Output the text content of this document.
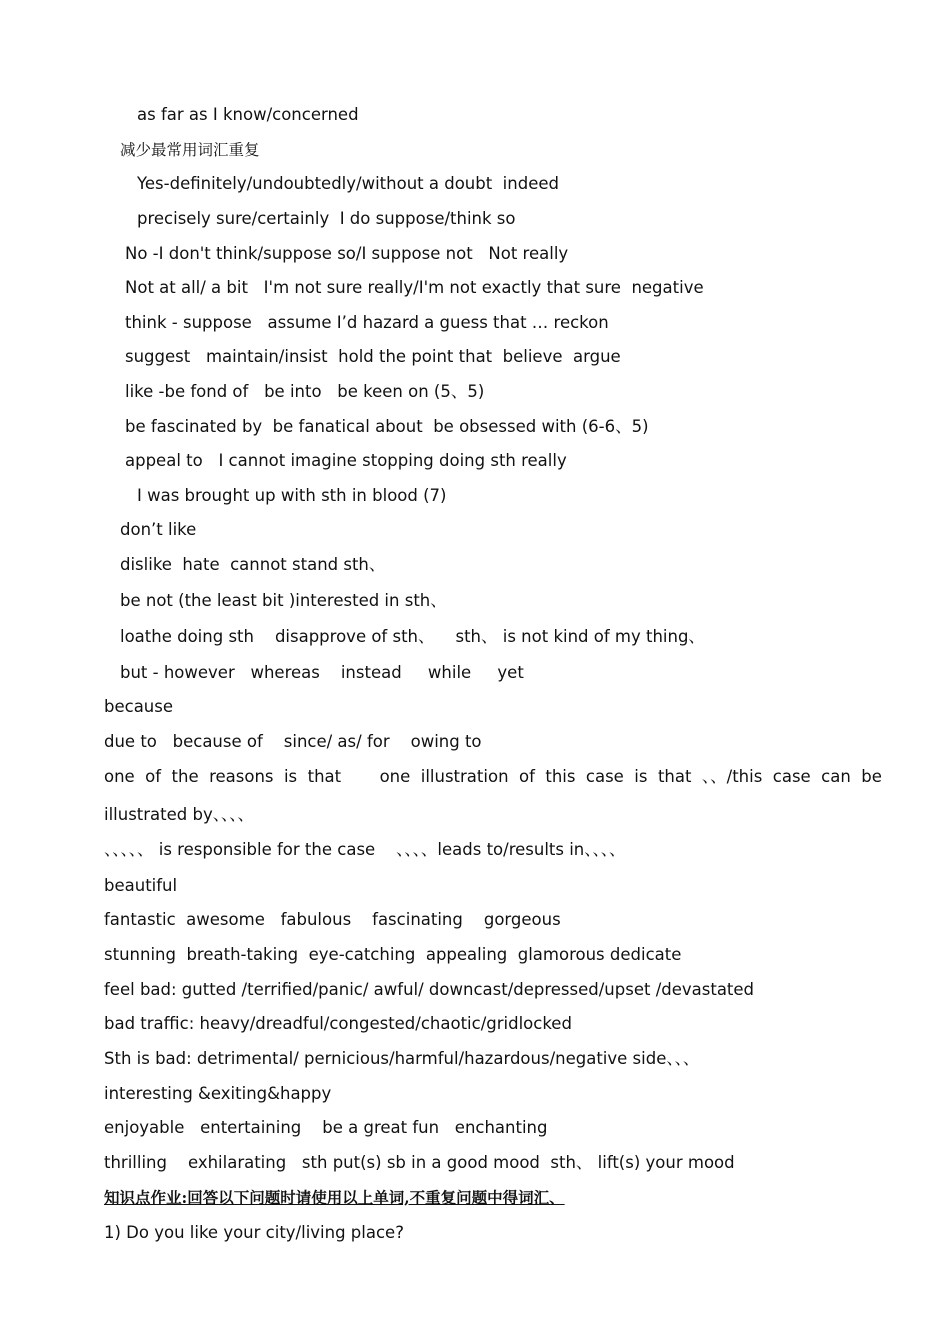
as far as I know/concerned
减少最常用词汇重复
Yes-definitely/undoubtedly/without a doubt  indeed
precisely sure/certainly  I do suppose/think so
No -I don't think/suppose so/I suppose not   Not really
Not at all/ a bit   I'm not sure really/I'm not exactly that sure  negative
think - suppose   assume I’d hazard a guess that … reckon
suggest   maintain/insist  hold the point that  believe  argue
like -be fond of   be into   be keen on (5、5)
be fascinated by  be fanatical about  be obsessed with (6-6、5)
appeal to   I cannot imagine stopping doing sth really
I was brought up with sth in blood (7)
don’t like
dislike  hate  cannot stand sth、
be not (the least bit )interested in sth、
loathe doing sth    disapprove of sth、    sth、 is not kind of my thing、
but - however   whereas    instead     while     yet
because
due to   because of    since/ as/ for    owing to
one of the reasons is that one illustration of this case is that 、、/this case can be
illustrated by、、、、
、、、、、 is responsible for the case    、、、、leads to/results in、、、、
beautiful
fantastic  awesome   fabulous    fascinating    gorgeous
stunning  breath-taking  eye-catching  appealing  glamorous dedicate
feel bad: gutted /terrified/panic/ awful/ downcast/depressed/upset /devastated
bad traffic: heavy/dreadful/congested/chaotic/gridlocked
Sth is bad: detrimental/ pernicious/harmful/hazardous/negative side、、、
interesting &exiting&happy
enjoyable   entertaining    be a great fun   enchanting
thrilling    exhilarating   sth put(s) sb in a good mood  sth、 lift(s) your mood
知识点作业:回答以下问题时请使用以上单词,不重复问题中得词汇、
1) Do you like your city/living place?
